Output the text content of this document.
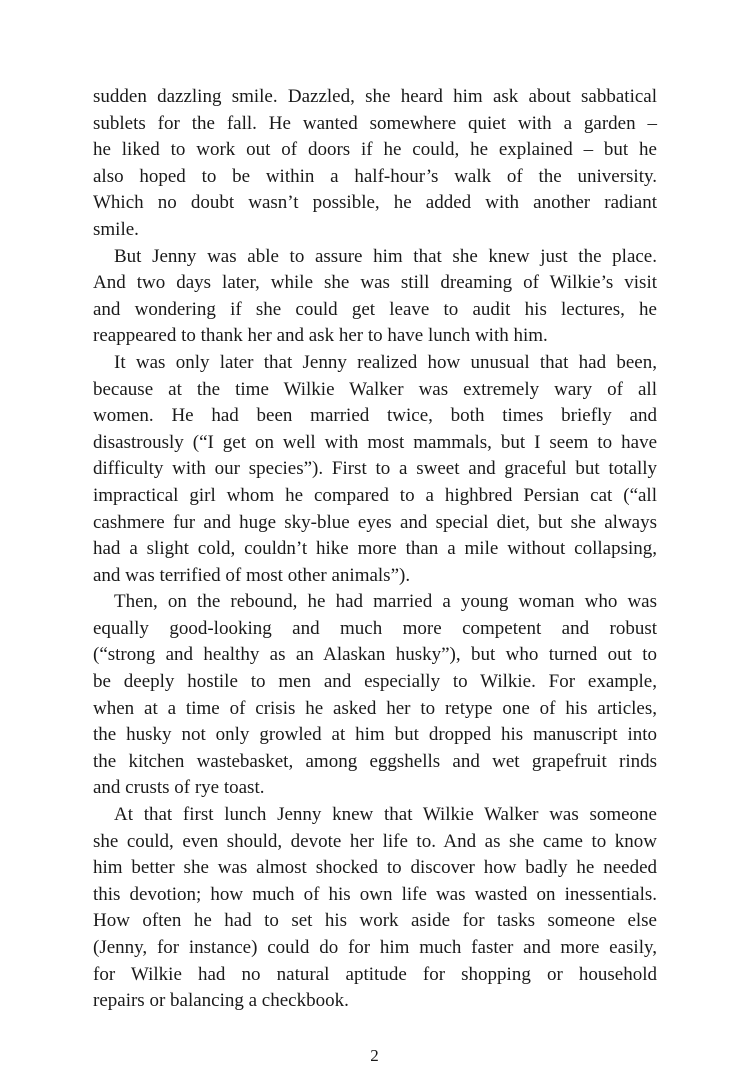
sudden dazzling smile. Dazzled, she heard him ask about sabbatical
sublets for the fall. He wanted somewhere quiet with a garden –
he liked to work out of doors if he could, he explained – but he
also hoped to be within a half-hour’s walk of the university.
Which no doubt wasn’t possible, he added with another radiant
smile.
But Jenny was able to assure him that she knew just the place.
And two days later, while she was still dreaming of Wilkie’s visit
and wondering if she could get leave to audit his lectures, he
reappeared to thank her and ask her to have lunch with him.
It was only later that Jenny realized how unusual that had been,
because at the time Wilkie Walker was extremely wary of all
women. He had been married twice, both times briefly and
disastrously (“I get on well with most mammals, but I seem to have
difficulty with our species”). First to a sweet and graceful but totally
impractical girl whom he compared to a highbred Persian cat (“all
cashmere fur and huge sky-blue eyes and special diet, but she always
had a slight cold, couldn’t hike more than a mile without collapsing,
and was terrified of most other animals”).
Then, on the rebound, he had married a young woman who was
equally good-looking and much more competent and robust
(“strong and healthy as an Alaskan husky”), but who turned out to
be deeply hostile to men and especially to Wilkie. For example,
when at a time of crisis he asked her to retype one of his articles,
the husky not only growled at him but dropped his manuscript into
the kitchen wastebasket, among eggshells and wet grapefruit rinds
and crusts of rye toast.
At that first lunch Jenny knew that Wilkie Walker was someone
she could, even should, devote her life to. And as she came to know
him better she was almost shocked to discover how badly he needed
this devotion; how much of his own life was wasted on inessentials.
How often he had to set his work aside for tasks someone else
(Jenny, for instance) could do for him much faster and more easily,
for Wilkie had no natural aptitude for shopping or household
repairs or balancing a checkbook.
2
